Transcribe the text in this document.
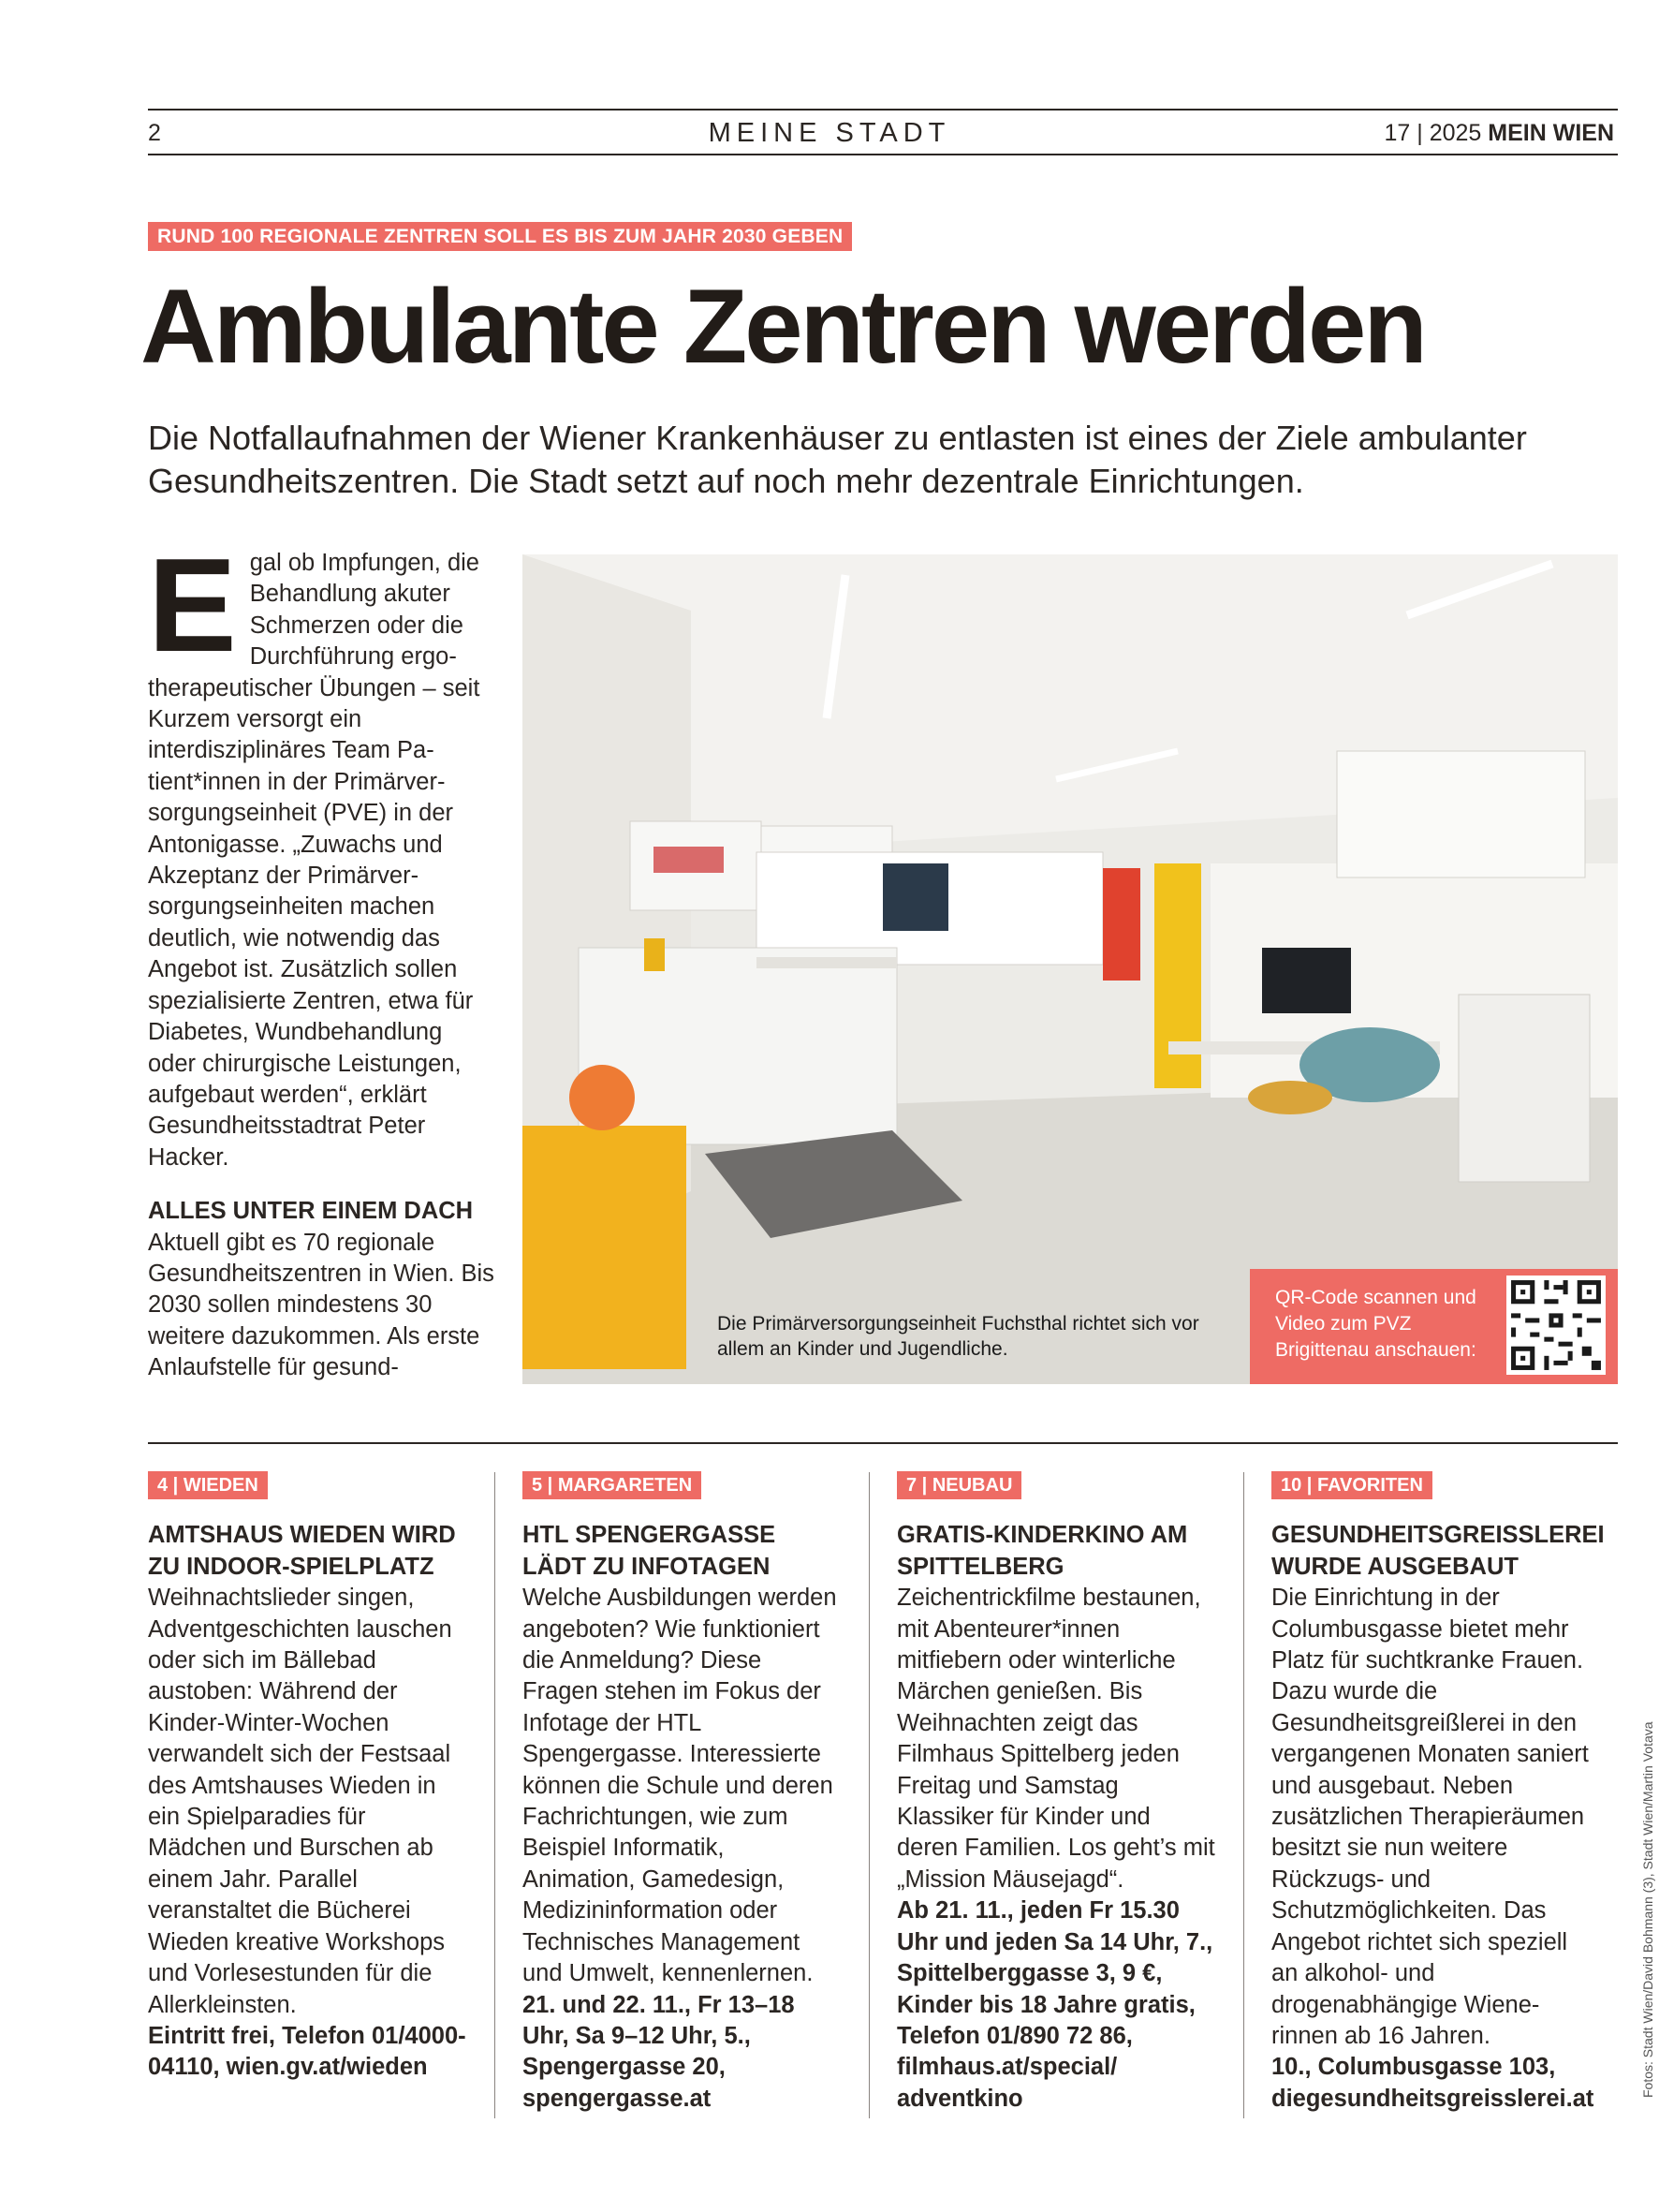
2	MEINE STADT	17 | 2025 MEIN WIEN
RUND 100 REGIONALE ZENTREN SOLL ES BIS ZUM JAHR 2030 GEBEN
Ambulante Zentren werden
Die Notfallaufnahmen der Wiener Krankenhäuser zu entlasten ist eines der Ziele ambulanter Gesundheitszentren. Die Stadt setzt auf noch mehr dezentrale Einrichtungen.
E gal ob Impfungen, die Behandlung akuter Schmerzen oder die Durchführung ergotherapeutischer Übungen – seit Kurzem versorgt ein interdisziplinäres Team Patient*innen in der Primärversorgungseinheit (PVE) in der Antonigasse. „Zuwachs und Akzeptanz der Primärversorgungseinheiten machen deutlich, wie notwendig das Angebot ist. Zusätzlich sollen spezialisierte Zentren, etwa für Diabetes, Wundbehandlung oder chirurgische Leistungen, aufgebaut werden“, erklärt Gesundheitsstadtrat Peter Hacker.
ALLES UNTER EINEM DACH
Aktuell gibt es 70 regionale Gesundheitszentren in Wien. Bis 2030 sollen mindestens 30 weitere dazukommen. Als erste Anlaufstelle für gesund-
Die Primärversorgungseinheit Fuchsthal richtet sich vor allem an Kinder und Jugendliche.
QR-Code scannen und Video zum PVZ Brigittenau anschauen:
4 | WIEDEN
AMTSHAUS WIEDEN WIRD ZU INDOOR-SPIELPLATZ
Weihnachtslieder singen, Adventgeschichten lauschen oder sich im Bällebad austoben: Während der Kinder-Winter-Wochen verwandelt sich der Festsaal des Amtshauses Wieden in ein Spielparadies für Mädchen und Burschen ab einem Jahr. Parallel veranstaltet die Bücherei Wieden kreative Workshops und Vorlesestunden für die Allerkleinsten.
Eintritt frei, Telefon 01/4000-04110, wien.gv.at/wieden
5 | MARGARETEN
HTL SPENGERGASSE LÄDT ZU INFOTAGEN
Welche Ausbildungen werden angeboten? Wie funktioniert die Anmeldung? Diese Fragen stehen im Fokus der Infotage der HTL Spengergasse. Interessierte können die Schule und deren Fachrichtungen, wie zum Beispiel Informatik, Animation, Gamedesign, Medizininformation oder Technisches Management und Umwelt, kennenlernen.
21. und 22. 11., Fr 13–18 Uhr, Sa 9–12 Uhr, 5., Spengergasse 20, spengergasse.at
7 | NEUBAU
GRATIS-KINDERKINO AM SPITTELBERG
Zeichentrickfilme bestaunen, mit Abenteurer*innen mitfiebern oder winterliche Märchen genießen. Bis Weihnachten zeigt das Filmhaus Spittelberg jeden Freitag und Samstag Klassiker für Kinder und deren Familien. Los geht’s mit „Mission Mäusejagd“.
Ab 21. 11., jeden Fr 15.30 Uhr und jeden Sa 14 Uhr, 7., Spittelberggasse 3, 9 €, Kinder bis 18 Jahre gratis, Telefon 01/890 72 86, filmhaus.at/special/ adventkino
10 | FAVORITEN
GESUNDHEITSGREISSLEREI WURDE AUSGEBAUT
Die Einrichtung in der Columbusgasse bietet mehr Platz für suchtkranke Frauen. Dazu wurde die Gesundheitsgreißlerei in den vergangenen Monaten saniert und ausgebaut. Neben zusätzlichen Therapieräumen besitzt sie nun weitere Rückzugs- und Schutzmöglichkeiten. Das Angebot richtet sich speziell an alkohol- und drogenabhängige Wienerinnen ab 16 Jahren.
10., Columbusgasse 103, diegesundheitsgreisslerei.at
Fotos: Stadt Wien/David Bohmann (3), Stadt Wien/Martin Votava
